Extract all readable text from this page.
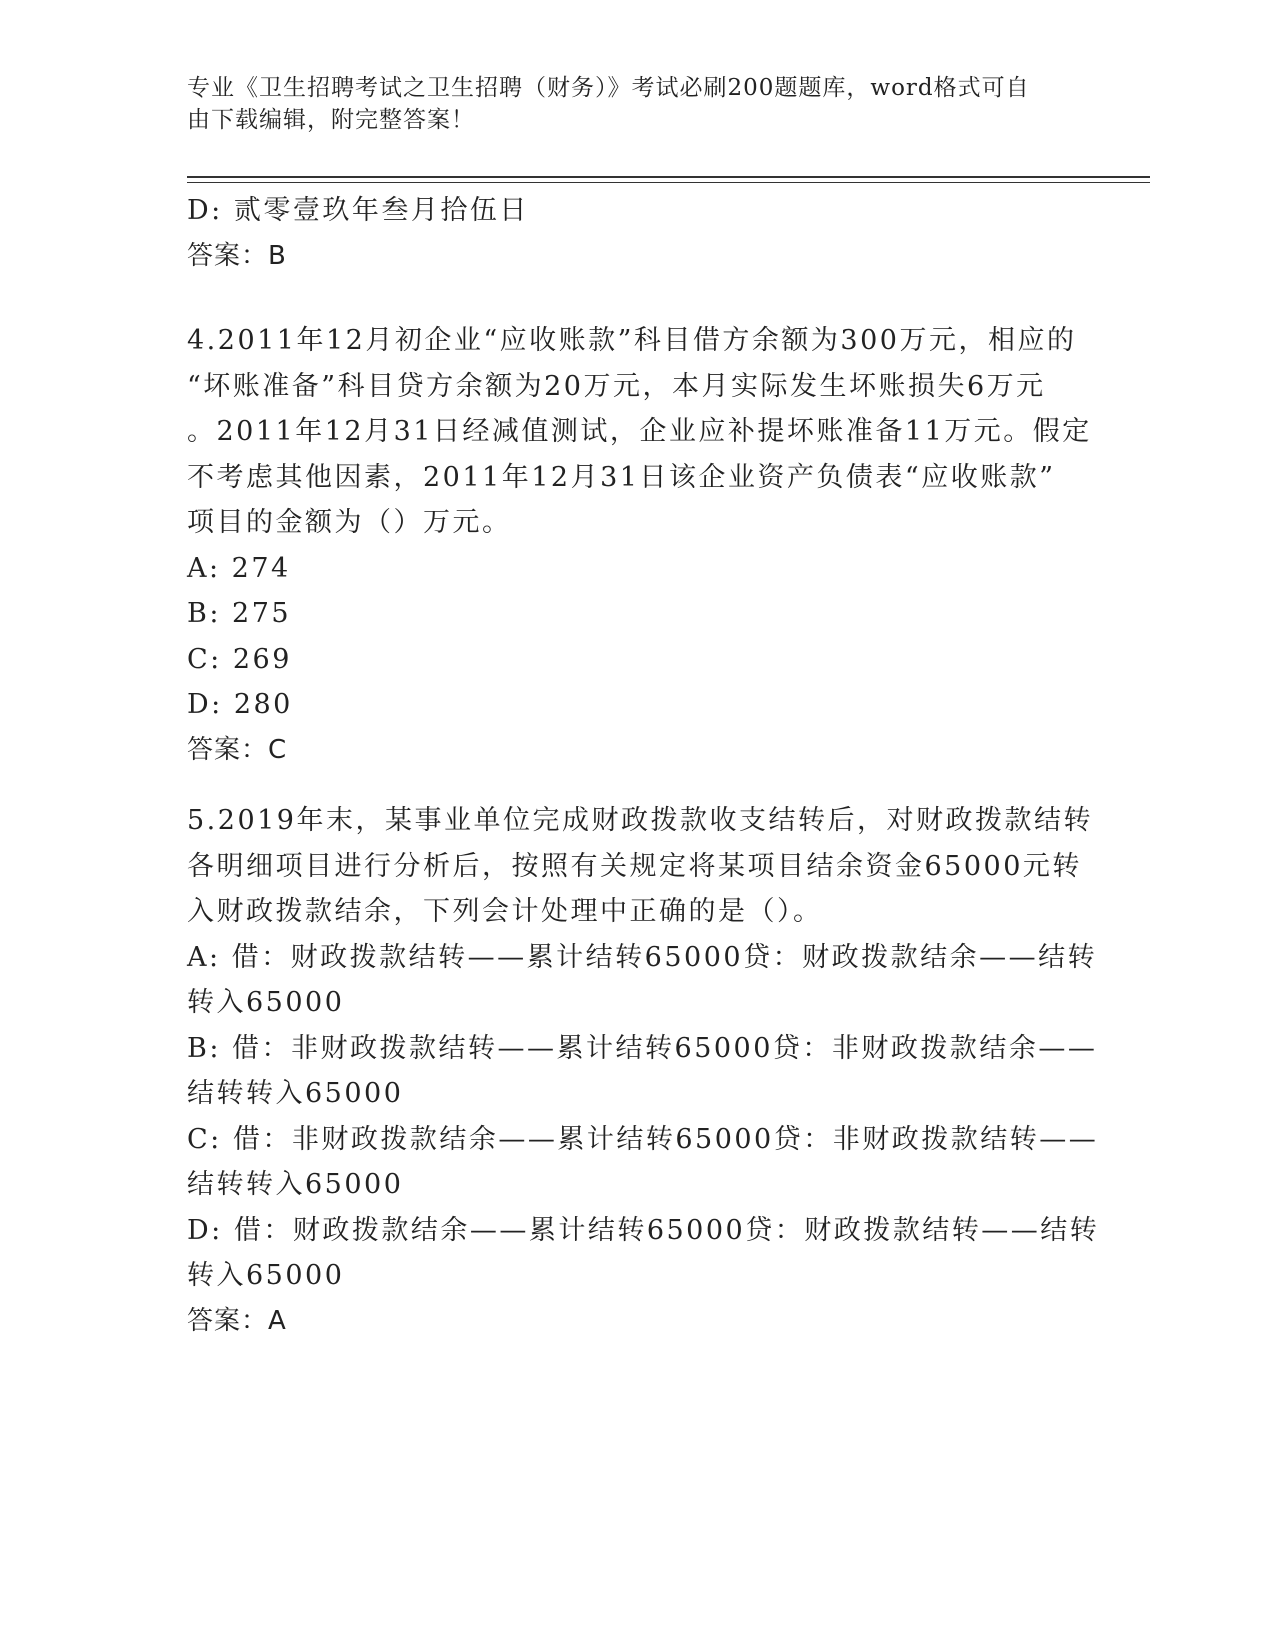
专业《卫生招聘考试之卫生招聘（财务）》考试必刷200题题库，word格式可自
由下载编辑，附完整答案！
D: 贰零壹玖年叁月拾伍日
答案：B
4.2011年12月初企业“应收账款”科目借方余额为300万元，相应的
“坏账准备”科目贷方余额为20万元，本月实际发生坏账损失6万元
。2011年12月31日经减值测试，企业应补提坏账准备11万元。假定
不考虑其他因素，2011年12月31日该企业资产负债表“应收账款”
项目的金额为（）万元。
A: 274
B: 275
C: 269
D: 280
答案：C
5.2019年末，某事业单位完成财政拨款收支结转后，对财政拨款结转
各明细项目进行分析后，按照有关规定将某项目结余资金65000元转
入财政拨款结余，下列会计处理中正确的是（）。
A: 借：财政拨款结转——累计结转65000贷：财政拨款结余——结转
转入65000
B: 借：非财政拨款结转——累计结转65000贷：非财政拨款结余——
结转转入65000
C: 借：非财政拨款结余——累计结转65000贷：非财政拨款结转——
结转转入65000
D: 借：财政拨款结余——累计结转65000贷：财政拨款结转——结转
转入65000
答案：A
